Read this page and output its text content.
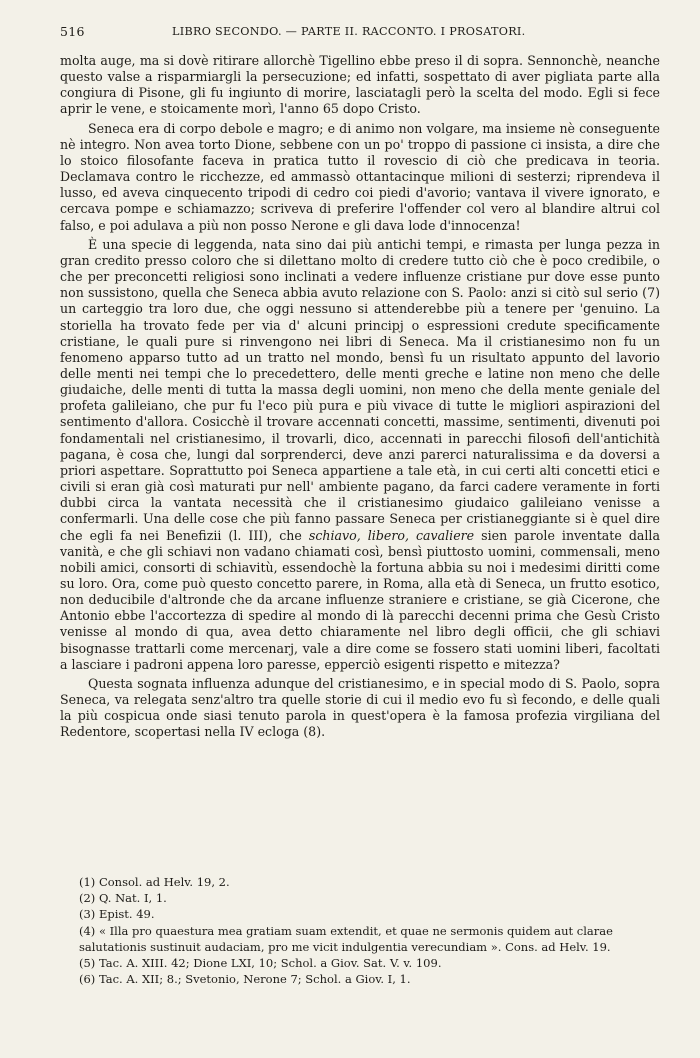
516	LIBRO SECONDO. — PARTE II. RACCONTO. I PROSATORI.

molta auge, ma si dovè ritirare allorchè Tigellino ebbe preso il di sopra. Sennonchè, neanche questo valse a risparmiargli la persecuzione; ed infatti, sospettato di aver pigliata parte alla congiura di Pisone, gli fu ingiunto di morire, lasciatagli però la scelta del modo. Egli si fece aprir le vene, e stoicamente morì, l'anno 65 dopo Cristo.

Seneca era di corpo debole e magro; e di animo non volgare, ma insieme nè conseguente nè integro. Non avea torto Dione, sebbene con un po' troppo di passione ci insista, a dire che lo stoico filosofante faceva in pratica tutto il rovescio di ciò che predicava in teoria. Declamava contro le ricchezze, ed ammassò ottantacinque milioni di sesterzi; riprendeva il lusso, ed aveva cinquecento tripodi di cedro coi piedi d'avorio; vantava il vivere ignorato, e cercava pompe e schiamazzo; scriveva di preferire l'offender col vero al blandire altrui col falso, e poi adulava a più non posso Nerone e gli dava lode d'innocenza!

È una specie di leggenda, nata sino dai più antichi tempi, e rimasta per lunga pezza in gran credito presso coloro che si dilettano molto di credere tutto ciò che è poco credibile, o che per preconcetti religiosi sono inclinati a vedere influenze cristiane pur dove esse punto non sussistono, quella che Seneca abbia avuto relazione con S. Paolo: anzi si citò sul serio (7) un carteggio tra loro due, che oggi nessuno si attenderebbe più a tenere per 'genuino. La storiella ha trovato fede per via d' alcuni principj o espressioni credute specificamente cristiane, le quali pure si rinvengono nei libri di Seneca. Ma il cristianesimo non fu un fenomeno apparso tutto ad un tratto nel mondo, bensì fu un risultato appunto del lavorio delle menti nei tempi che lo precedettero, delle menti greche e latine non meno che delle giudaiche, delle menti di tutta la massa degli uomini, non meno che della mente geniale del profeta galileiano, che pur fu l'eco più pura e più vivace di tutte le migliori aspirazioni del sentimento d'allora. Cosicchè il trovare accennati concetti, massime, sentimenti, divenuti poi fondamentali nel cristianesimo, il trovarli, dico, accennati in parecchi filosofi dell'antichità pagana, è cosa che, lungi dal sorprenderci, deve anzi parerci naturalissima e da doversi a priori aspettare. Soprattutto poi Seneca appartiene a tale età, in cui certi alti concetti etici e civili si eran già così maturati pur nell' ambiente pagano, da farci cadere veramente in forti dubbi circa la vantata necessità che il cristianesimo giudaico galileiano venisse a confermarli. Una delle cose che più fanno passare Seneca per cristianeggiante si è quel dire che egli fa nei Benefizii (l. III), che schiavo, libero, cavaliere sien parole inventate dalla vanità, e che gli schiavi non vadano chiamati così, bensì piuttosto uomini, commensali, meno nobili amici, consorti di schiavitù, essendochè la fortuna abbia su noi i medesimi diritti come su loro. Ora, come può questo concetto parere, in Roma, alla età di Seneca, un frutto esotico, non deducibile d'altronde che da arcane influenze straniere e cristiane, se già Cicerone, che Antonio ebbe l'accortezza di spedire al mondo di là parecchi decenni prima che Gesù Cristo venisse al mondo di qua, avea detto chiaramente nel libro degli officii, che gli schiavi bisognasse trattarli come mercenarj, vale a dire come se fossero stati uomini liberi, facoltati a lasciare i padroni appena loro paresse, epperciò esigenti rispetto e mitezza?

Questa sognata influenza adunque del cristianesimo, e in special modo di S. Paolo, sopra Seneca, va relegata senz'altro tra quelle storie di cui il medio evo fu sì fecondo, e delle quali la più cospicua onde siasi tenuto parola in quest'opera è la famosa profezia virgiliana del Redentore, scopertasi nella IV ecloga (8).

(1) Consol. ad Helv. 19, 2.

(2) Q. Nat. I, 1.

(3) Epist. 49.

(4) « Illa pro quaestura mea gratiam suam extendit, et quae ne sermonis quidem aut clarae salutationis sustinuit audaciam, pro me vicit indulgentia verecundiam ». Cons. ad Helv. 19.

(5) Tac. A. XIII. 42; Dione LXI, 10; Schol. a Giov. Sat. V. v. 109.

(6) Tac. A. XII; 8.; Svetonio, Nerone 7; Schol. a Giov. I, 1.
